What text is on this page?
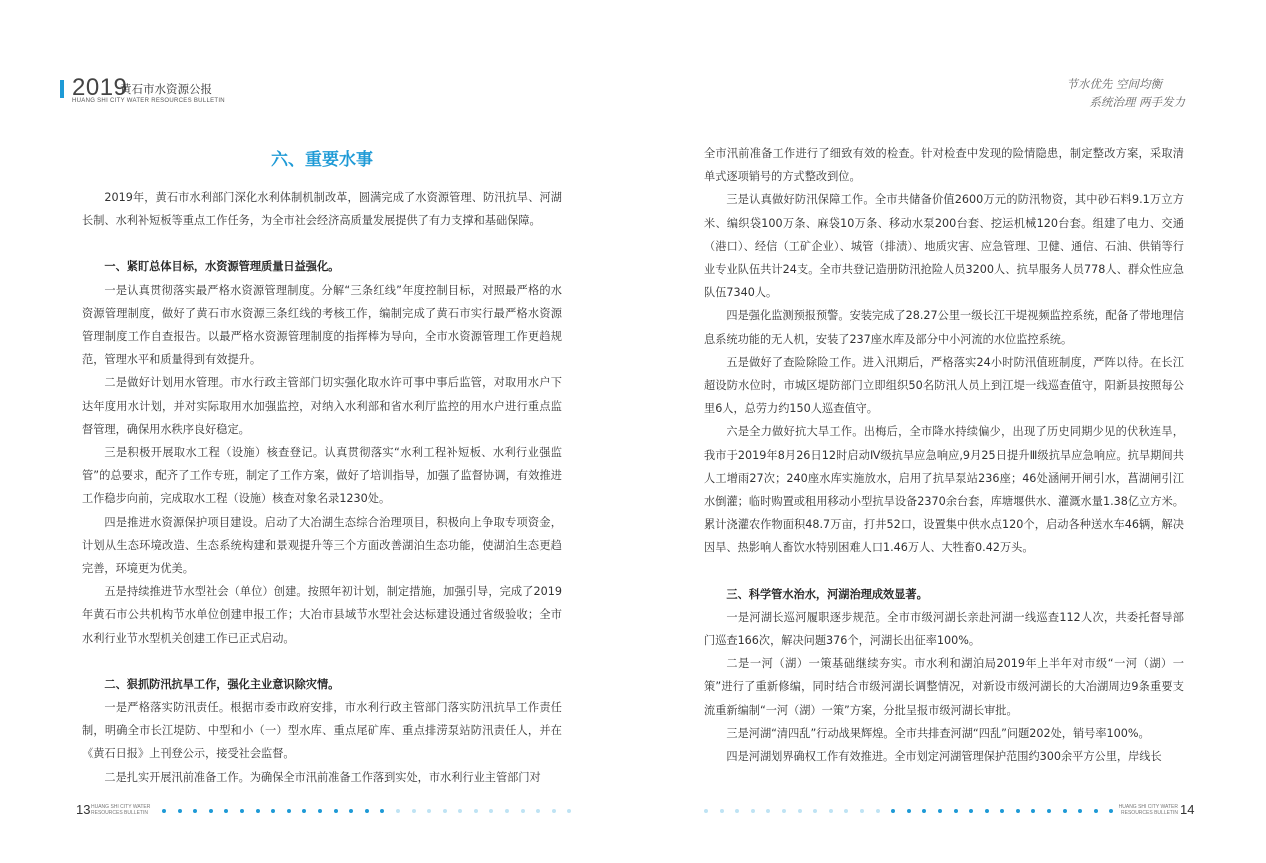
2019
黄石市水资源公报
HUANG SHI CITY WATER RESOURCES BULLETIN
节水优先 空间均衡
系统治理 两手发力
六、重要水事

2019年，黄石市水利部门深化水利体制机制改革，圆满完成了水资源管理、防汛抗旱、河湖长制、水利补短板等重点工作任务，为全市社会经济高质量发展提供了有力支撑和基础保障。

一、紧盯总体目标，水资源管理质量日益强化。

一是认真贯彻落实最严格水资源管理制度。分解“三条红线”年度控制目标，对照最严格的水资源管理制度，做好了黄石市水资源三条红线的考核工作，编制完成了黄石市实行最严格水资源管理制度工作自查报告。以最严格水资源管理制度的指挥棒为导向，全市水资源管理工作更趋规范，管理水平和质量得到有效提升。

二是做好计划用水管理。市水行政主管部门切实强化取水许可事中事后监管，对取用水户下达年度用水计划，并对实际取用水加强监控，对纳入水利部和省水利厅监控的用水户进行重点监督管理，确保用水秩序良好稳定。

三是积极开展取水工程（设施）核查登记。认真贯彻落实“水利工程补短板、水利行业强监管”的总要求，配齐了工作专班，制定了工作方案，做好了培训指导，加强了监督协调，有效推进工作稳步向前，完成取水工程（设施）核查对象名录1230处。

四是推进水资源保护项目建设。启动了大冶湖生态综合治理项目，积极向上争取专项资金，计划从生态环境改造、生态系统构建和景观提升等三个方面改善湖泊生态功能，使湖泊生态更趋完善，环境更为优美。

五是持续推进节水型社会（单位）创建。按照年初计划，制定措施，加强引导，完成了2019年黄石市公共机构节水单位创建申报工作；大冶市县域节水型社会达标建设通过省级验收；全市水利行业节水型机关创建工作已正式启动。

二、狠抓防汛抗旱工作，强化主业意识除灾情。

一是严格落实防汛责任。根据市委市政府安排，市水利行政主管部门落实防汛抗旱工作责任制，明确全市长江堤防、中型和小（一）型水库、重点尾矿库、重点排涝泵站防汛责任人，并在《黄石日报》上刊登公示，接受社会监督。

二是扎实开展汛前准备工作。为确保全市汛前准备工作落到实处，市水利行业主管部门对

全市汛前准备工作进行了细致有效的检查。针对检查中发现的险情隐患，制定整改方案，采取清单式逐项销号的方式整改到位。

三是认真做好防汛保障工作。全市共储备价值2600万元的防汛物资，其中砂石料9.1万立方米、编织袋100万条、麻袋10万条、移动水泵200台套、挖运机械120台套。组建了电力、交通（港口）、经信（工矿企业）、城管（排渍）、地质灾害、应急管理、卫健、通信、石油、供销等行业专业队伍共计24支。全市共登记造册防汛抢险人员3200人、抗旱服务人员778人、群众性应急队伍7340人。

四是强化监测预报预警。安装完成了28.27公里一级长江干堤视频监控系统，配备了带地理信息系统功能的无人机，安装了237座水库及部分中小河流的水位监控系统。

五是做好了查险除险工作。进入汛期后，严格落实24小时防汛值班制度，严阵以待。在长江超设防水位时，市城区堤防部门立即组织50名防汛人员上到江堤一线巡查值守，阳新县按照每公里6人，总劳力约150人巡查值守。

六是全力做好抗大旱工作。出梅后，全市降水持续偏少，出现了历史同期少见的伏秋连旱，我市于2019年8月26日12时启动Ⅳ级抗旱应急响应,9月25日提升Ⅲ级抗旱应急响应。抗旱期间共人工增雨27次；240座水库实施放水，启用了抗旱泵站236座；46处涵闸开闸引水，菖湖闸引江水倒灌；临时购置或租用移动小型抗旱设备2370余台套，库塘堰供水、灌溉水量1.38亿立方米。累计浇灌农作物面积48.7万亩，打井52口，设置集中供水点120个，启动各种送水车46辆，解决因旱、热影响人畜饮水特别困难人口1.46万人、大牲畜0.42万头。

三、科学管水治水，河湖治理成效显著。

一是河湖长巡河履职逐步规范。全市市级河湖长亲赴河湖一线巡查112人次，共委托督导部门巡查166次，解决问题376个，河湖长出征率100%。

二是一河（湖）一策基础继续夯实。市水利和湖泊局2019年上半年对市级“一河（湖）一策”进行了重新修编，同时结合市级河湖长调整情况，对新设市级河湖长的大冶湖周边9条重要支流重新编制“一河（湖）一策”方案，分批呈报市级河湖长审批。

三是河湖“清四乱”行动战果辉煌。全市共排查河湖“四乱”问题202处，销号率100%。

四是河湖划界确权工作有效推进。全市划定河湖管理保护范围约300余平方公里，岸线长

13 HUANG SHI CITY WATER
RESOURCES BULLETIN
HUANG SHI CITY WATER
RESOURCES BULLETIN 14
